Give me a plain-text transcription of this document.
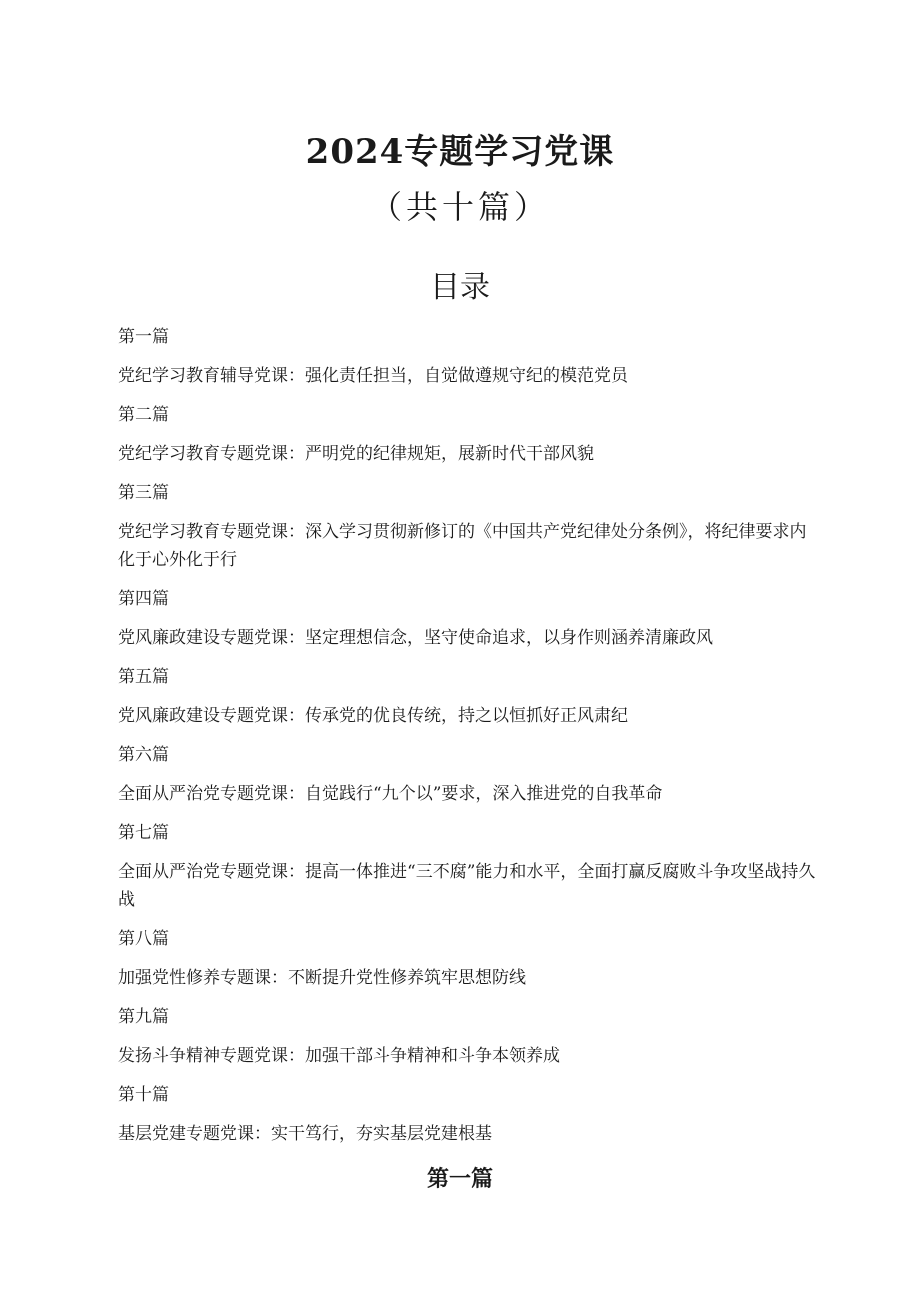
2024专题学习党课
（共十篇）
目录
第一篇
党纪学习教育辅导党课：强化责任担当，自觉做遵规守纪的模范党员
第二篇
党纪学习教育专题党课：严明党的纪律规矩，展新时代干部风貌
第三篇
党纪学习教育专题党课：深入学习贯彻新修订的《中国共产党纪律处分条例》，将纪律要求内化于心外化于行
第四篇
党风廉政建设专题党课：坚定理想信念，坚守使命追求，以身作则涵养清廉政风
第五篇
党风廉政建设专题党课：传承党的优良传统，持之以恒抓好正风肃纪
第六篇
全面从严治党专题党课：自觉践行“九个以”要求，深入推进党的自我革命
第七篇
全面从严治党专题党课：提高一体推进“三不腐”能力和水平，全面打赢反腐败斗争攻坚战持久战
第八篇
加强党性修养专题课：不断提升党性修养筑牢思想防线
第九篇
发扬斗争精神专题党课：加强干部斗争精神和斗争本领养成
第十篇
基层党建专题党课：实干笃行，夯实基层党建根基
第一篇
